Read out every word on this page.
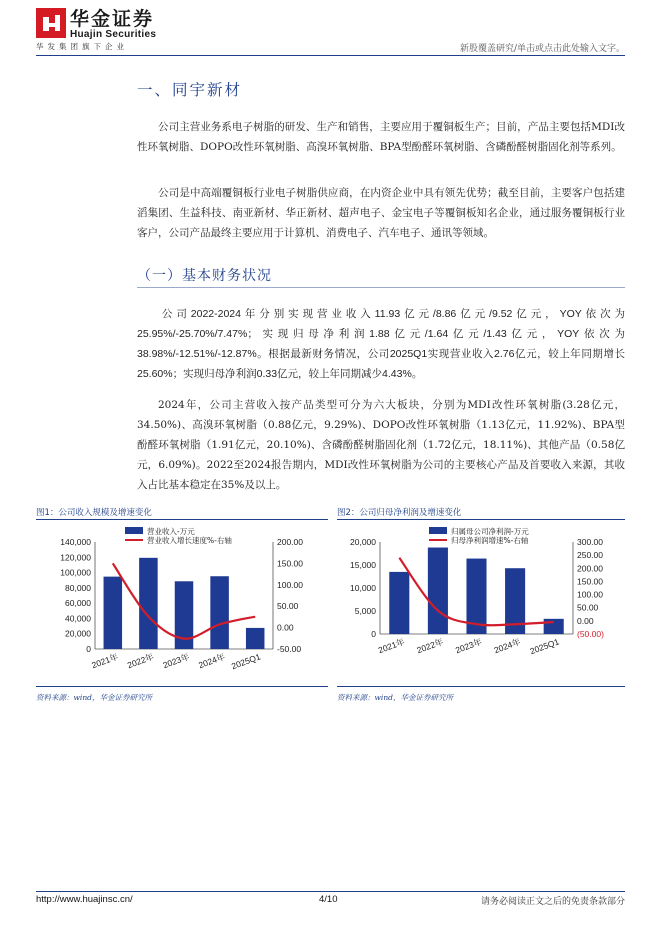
华金证券
Huajin Securities
华发集团旗下企业	新股覆盖研究/单击或点击此处输入文字。
一、同宇新材

公司主营业务系电子树脂的研发、生产和销售，主要应用于覆铜板生产；目前，产品主要包括MDI改性环氧树脂、DOPO改性环氧树脂、高溴环氧树脂、BPA型酚醛环氧树脂、含磷酚醛树脂固化剂等系列。

公司是中高端覆铜板行业电子树脂供应商，在内资企业中具有领先优势；截至目前，主要客户包括建滔集团、生益科技、南亚新材、华正新材、超声电子、金宝电子等覆铜板知名企业，通过服务覆铜板行业客户，公司产品最终主要应用于计算机、消费电子、汽车电子、通讯等领域。

（一）基本财务状况

公司2022-2024年分别实现营业收入11.93亿元/8.86亿元/9.52亿元，YOY依次为25.95%/-25.70%/7.47%；实现归母净利润1.88亿元/1.64亿元/1.43亿元，YOY依次为38.98%/-12.51%/-12.87%。根据最新财务情况，公司2025Q1实现营业收入2.76亿元，较上年同期增长25.60%；实现归母净利润0.33亿元，较上年同期减少4.43%。

2024年，公司主营收入按产品类型可分为六大板块，分别为MDI改性环氧树脂(3.28亿元，34.50%)、高溴环氧树脂（0.88亿元，9.29%)、DOPO改性环氧树脂（1.13亿元，11.92%)、BPA型酚醛环氧树脂（1.91亿元，20.10%)、含磷酚醛树脂固化剂（1.72亿元，18.11%)、其他产品（0.58亿元，6.09%)。2022至2024报告期内，MDI改性环氧树脂为公司的主要核心产品及首要收入来源，其收入占比基本稳定在35%及以上。

图1：公司收入规模及增速变化
0
20,000
40,000
60,000
80,000
100,000
120,000
140,000
-50.00
0.00
50.00
100.00
150.00
200.00
2021年 2022年 2023年 2024年 2025Q1
营业收入-万元
营业收入增长速度%-右轴
资料来源：wind，华金证券研究所
图2：公司归母净利润及增速变化
0
5,000
10,000
15,000
20,000
(50.00)
0.00
50.00
100.00
150.00
200.00
250.00
300.00
2021年 2022年 2023年 2024年 2025Q1
归属母公司净利润-万元
归母净利润增速%-右轴
资料来源：wind，华金证券研究所
http://www.huajinsc.cn/	4/10	请务必阅读正文之后的免责条款部分
